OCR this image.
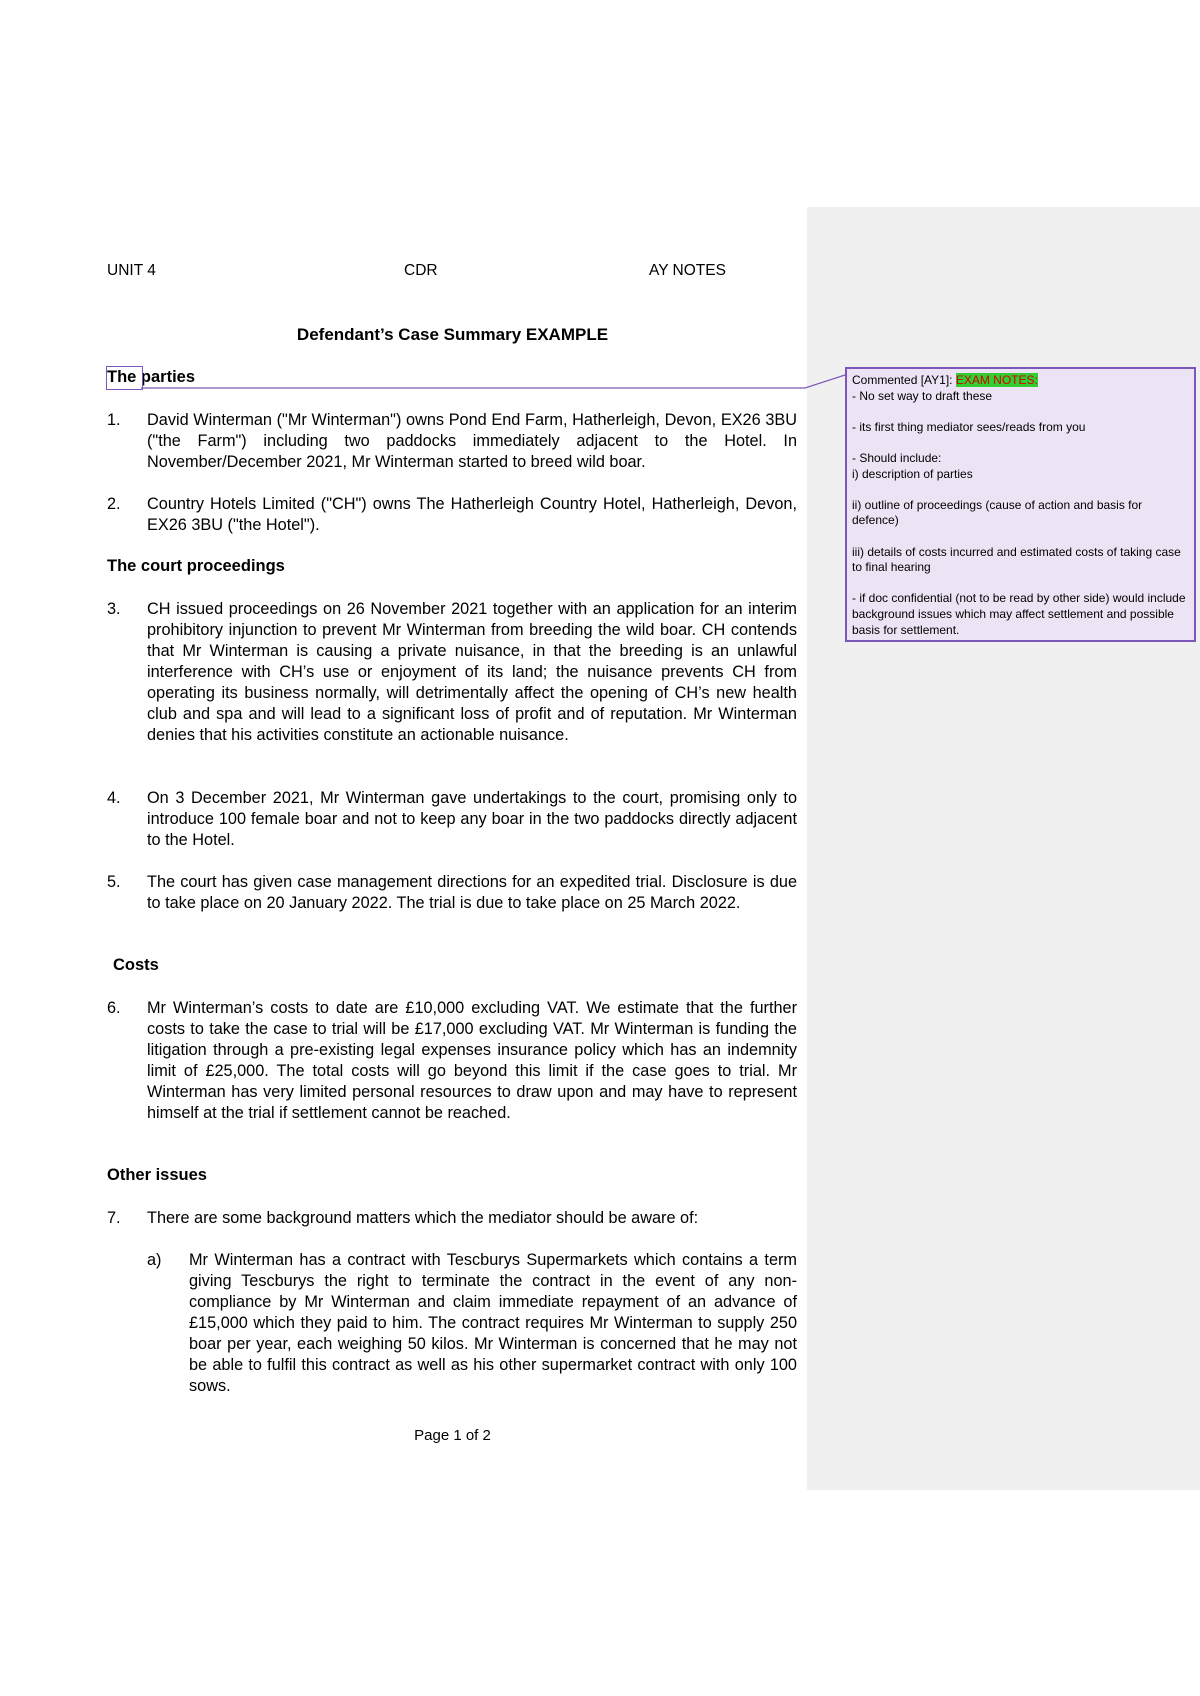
UNIT 4	CDR	AY NOTES
Defendant’s Case Summary EXAMPLE
The parties
1. David Winterman ("Mr Winterman") owns Pond End Farm, Hatherleigh, Devon, EX26 3BU ("the Farm") including two paddocks immediately adjacent to the Hotel. In November/December 2021, Mr Winterman started to breed wild boar.
2. Country Hotels Limited ("CH") owns The Hatherleigh Country Hotel, Hatherleigh, Devon, EX26 3BU ("the Hotel").
The court proceedings
3. CH issued proceedings on 26 November 2021 together with an application for an interim prohibitory injunction to prevent Mr Winterman from breeding the wild boar. CH contends that Mr Winterman is causing a private nuisance, in that the breeding is an unlawful interference with CH’s use or enjoyment of its land; the nuisance prevents CH from operating its business normally, will detrimentally affect the opening of CH’s new health club and spa and will lead to a significant loss of profit and of reputation. Mr Winterman denies that his activities constitute an actionable nuisance.
4. On 3 December 2021, Mr Winterman gave undertakings to the court, promising only to introduce 100 female boar and not to keep any boar in the two paddocks directly adjacent to the Hotel.
5. The court has given case management directions for an expedited trial. Disclosure is due to take place on 20 January 2022. The trial is due to take place on 25 March 2022.
Costs
6. Mr Winterman’s costs to date are £10,000 excluding VAT. We estimate that the further costs to take the case to trial will be £17,000 excluding VAT. Mr Winterman is funding the litigation through a pre-existing legal expenses insurance policy which has an indemnity limit of £25,000. The total costs will go beyond this limit if the case goes to trial. Mr Winterman has very limited personal resources to draw upon and may have to represent himself at the trial if settlement cannot be reached.
Other issues
7. There are some background matters which the mediator should be aware of:
a) Mr Winterman has a contract with Tescburys Supermarkets which contains a term giving Tescburys the right to terminate the contract in the event of any non-compliance by Mr Winterman and claim immediate repayment of an advance of £15,000 which they paid to him. The contract requires Mr Winterman to supply 250 boar per year, each weighing 50 kilos. Mr Winterman is concerned that he may not be able to fulfil this contract as well as his other supermarket contract with only 100 sows.
Page 1 of 2
Commented [AY1]: EXAM NOTES:
- No set way to draft these
- its first thing mediator sees/reads from you
- Should include:
i) description of parties
ii) outline of proceedings (cause of action and basis for defence)
iii) details of costs incurred and estimated costs of taking case to final hearing
- if doc confidential (not to be read by other side) would include background issues which may affect settlement and possible basis for settlement.
